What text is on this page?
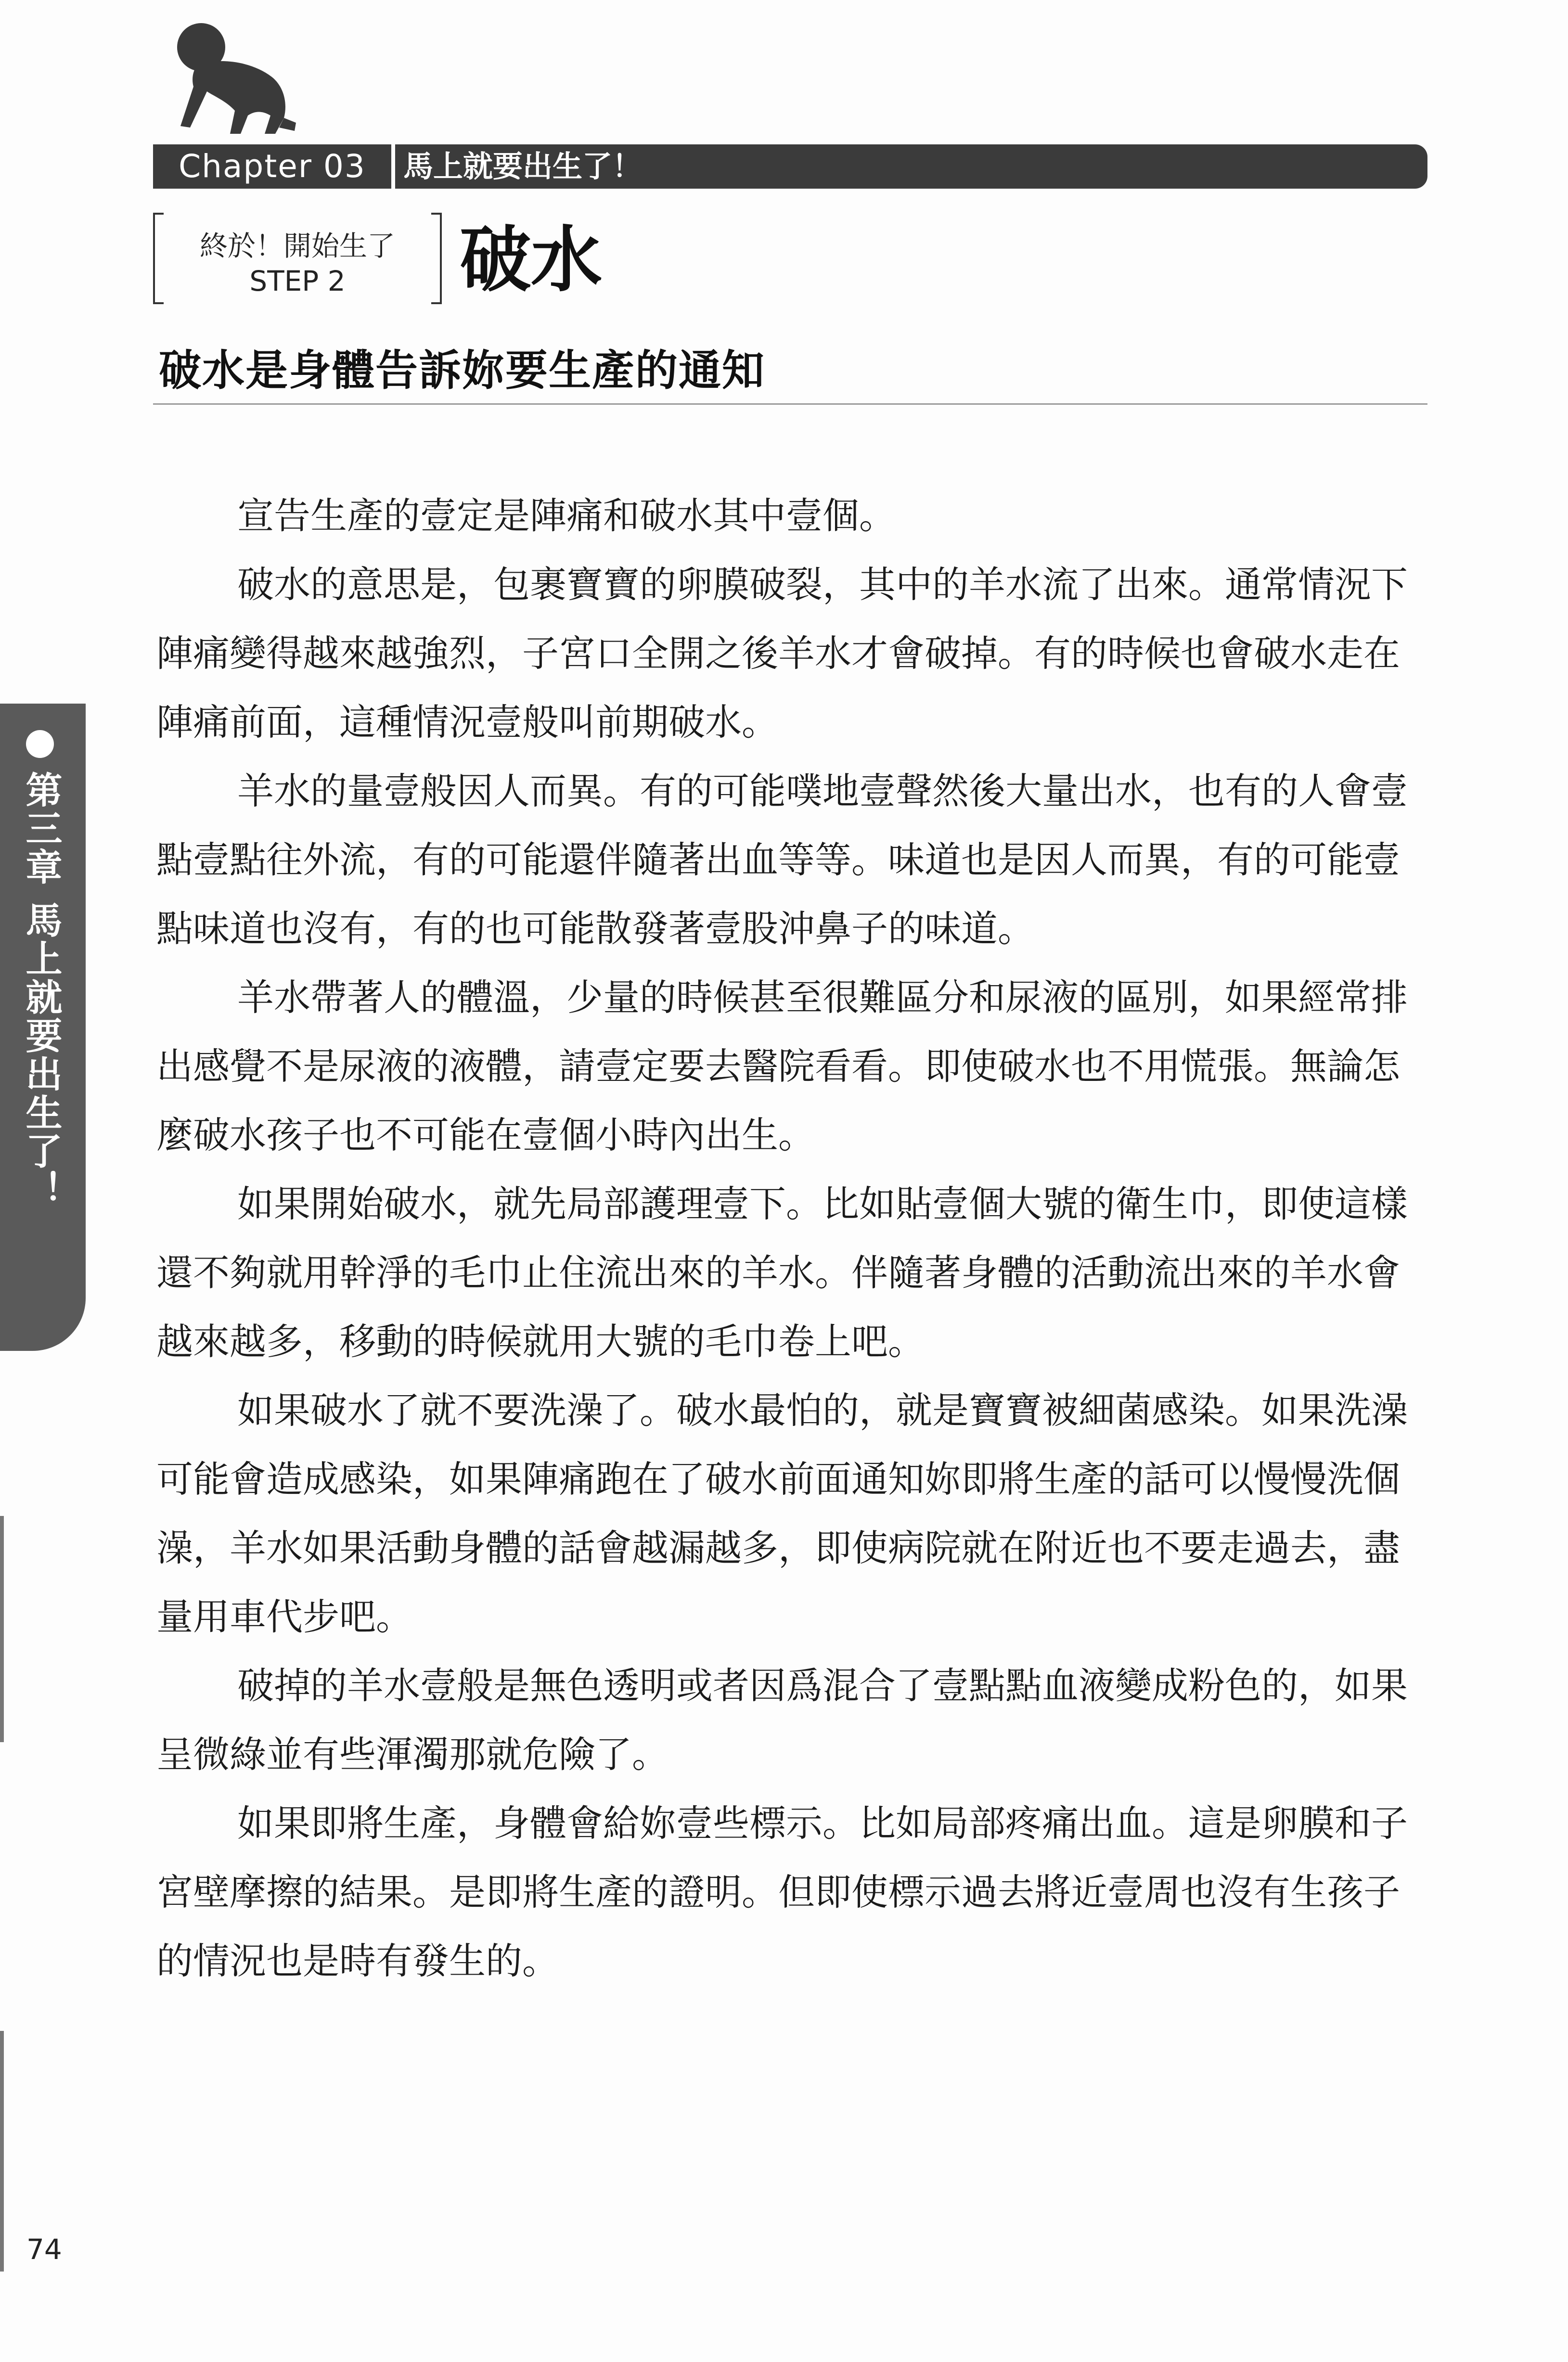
Chapter 03	馬上就要出生了！
終於！開始生了
STEP 2	破水
破水是身體告訴妳要生產的通知

宣告生產的壹定是陣痛和破水其中壹個。

破水的意思是，包裹寶寶的卵膜破裂，其中的羊水流了出來。通常情況下陣痛變得越來越強烈，子宮口全開之後羊水才會破掉。有的時候也會破水走在陣痛前面，這種情況壹般叫前期破水。

羊水的量壹般因人而異。有的可能噗地壹聲然後大量出水，也有的人會壹點壹點往外流，有的可能還伴隨著出血等等。味道也是因人而異，有的可能壹點味道也沒有，有的也可能散發著壹股沖鼻子的味道。

羊水帶著人的體溫，少量的時候甚至很難區分和尿液的區別，如果經常排出感覺不是尿液的液體，請壹定要去醫院看看。即使破水也不用慌張。無論怎麼破水孩子也不可能在壹個小時內出生。

如果開始破水，就先局部護理壹下。比如貼壹個大號的衛生巾，即使這樣還不夠就用幹淨的毛巾止住流出來的羊水。伴隨著身體的活動流出來的羊水會越來越多，移動的時候就用大號的毛巾卷上吧。

如果破水了就不要洗澡了。破水最怕的，就是寶寶被細菌感染。如果洗澡可能會造成感染，如果陣痛跑在了破水前面通知妳即將生產的話可以慢慢洗個澡，羊水如果活動身體的話會越漏越多，即使病院就在附近也不要走過去，盡量用車代步吧。

破掉的羊水壹般是無色透明或者因爲混合了壹點點血液變成粉色的，如果呈微綠並有些渾濁那就危險了。

如果即將生產，身體會給妳壹些標示。比如局部疼痛出血。這是卵膜和子宮壁摩擦的結果。是即將生產的證明。但即使標示過去將近壹周也沒有生孩子的情況也是時有發生的。

第三章 馬上就要出生了！
74
